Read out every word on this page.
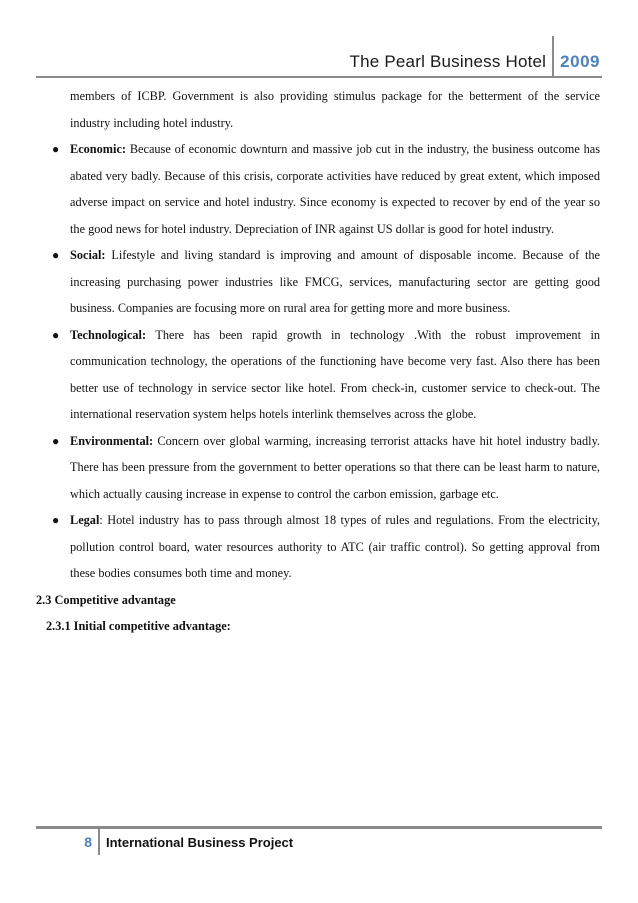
The Pearl Business Hotel 2009
members of ICBP. Government is also providing stimulus package for the betterment of the service industry including hotel industry.
● Economic: Because of economic downturn and massive job cut in the industry, the business outcome has abated very badly. Because of this crisis, corporate activities have reduced by great extent, which imposed adverse impact on service and hotel industry. Since economy is expected to recover by end of the year so the good news for hotel industry. Depreciation of INR against US dollar is good for hotel industry.
● Social: Lifestyle and living standard is improving and amount of disposable income. Because of the increasing purchasing power industries like FMCG, services, manufacturing sector are getting good business. Companies are focusing more on rural area for getting more and more business.
● Technological: There has been rapid growth in technology .With the robust improvement in communication technology, the operations of the functioning have become very fast. Also there has been better use of technology in service sector like hotel. From check-in, customer service to check-out. The international reservation system helps hotels interlink themselves across the globe.
● Environmental: Concern over global warming, increasing terrorist attacks have hit hotel industry badly. There has been pressure from the government to better operations so that there can be least harm to nature, which actually causing increase in expense to control the carbon emission, garbage etc.
● Legal: Hotel industry has to pass through almost 18 types of rules and regulations. From the electricity, pollution control board, water resources authority to ATC (air traffic control). So getting approval from these bodies consumes both time and money.
2.3 Competitive advantage
2.3.1 Initial competitive advantage:
8	International Business Project
